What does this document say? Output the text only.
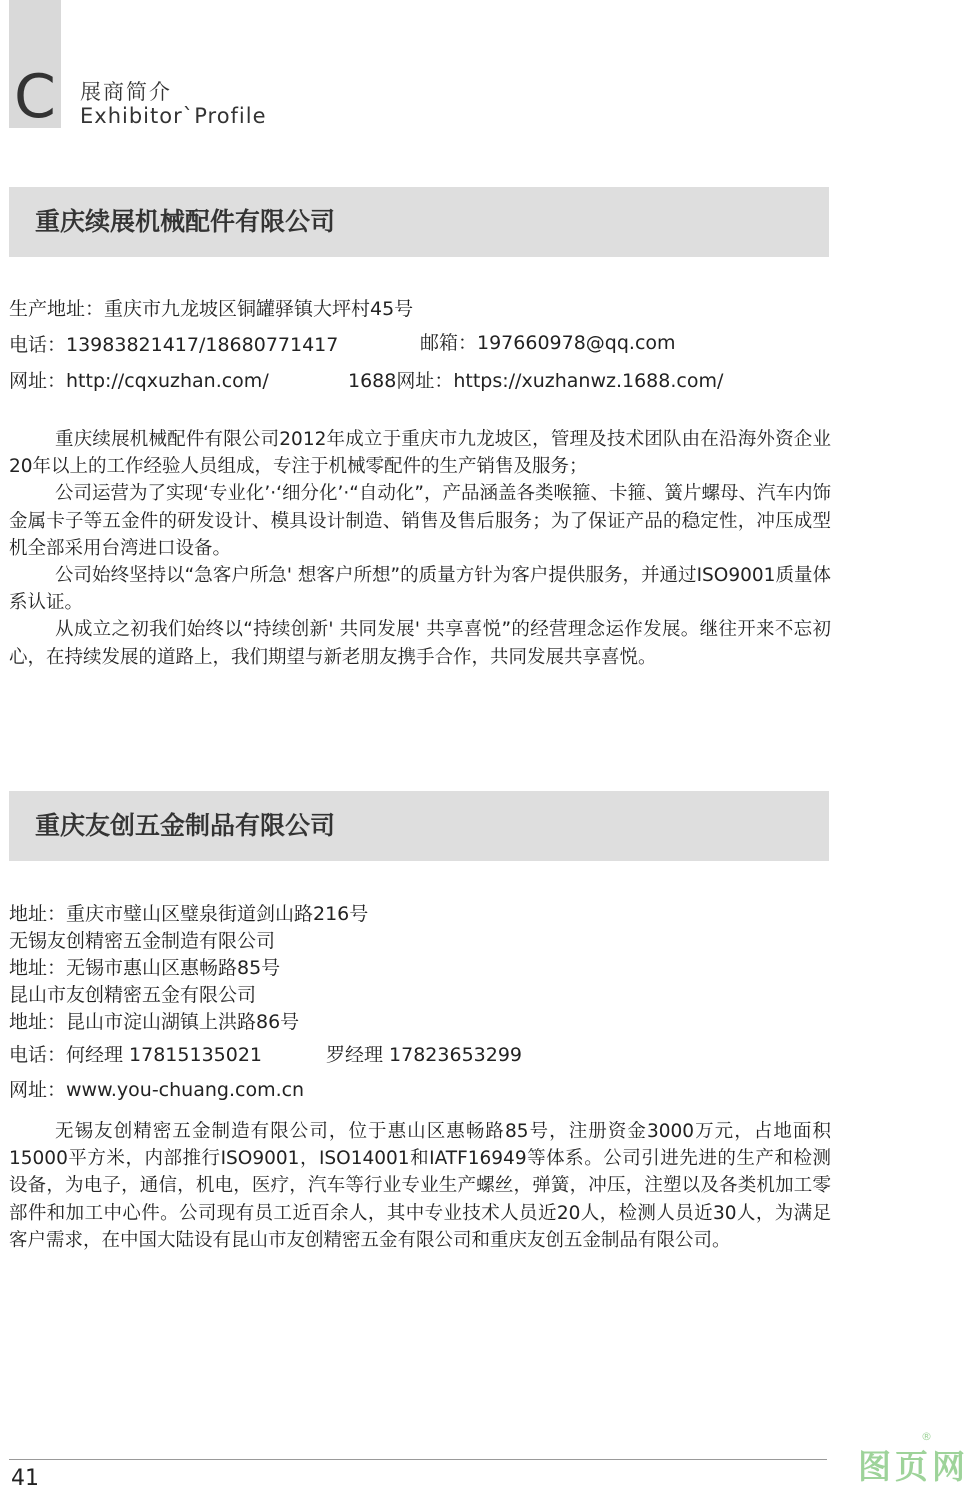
C 展商简介
Exhibitor`Profile
重庆续展机械配件有限公司
生产地址：重庆市九龙坡区铜罐驿镇大坪村45号
电话：13983821417/18680771417	邮箱：197660978@qq.com
网址：http://cqxuzhan.com/	1688网址：https://xuzhanwz.1688.com/

重庆续展机械配件有限公司2012年成立于重庆市九龙坡区，管理及技术团队由在沿海外资企业20年以上的工作经验人员组成，专注于机械零配件的生产销售及服务；

公司运营为了实现‘专业化’·‘细分化’·“自动化”，产品涵盖各类喉箍、卡箍、簧片螺母、汽车内饰金属卡子等五金件的研发设计、模具设计制造、销售及售后服务；为了保证产品的稳定性，冲压成型机全部采用台湾进口设备。

公司始终坚持以“急客户所急' 想客户所想”的质量方针为客户提供服务，并通过ISO9001质量体系认证。

从成立之初我们始终以“持续创新' 共同发展' 共享喜悦”的经营理念运作发展。继往开来不忘初心，在持续发展的道路上，我们期望与新老朋友携手合作，共同发展共享喜悦。

重庆友创五金制品有限公司
地址：重庆市璧山区璧泉街道剑山路216号
无锡友创精密五金制造有限公司
地址：无锡市惠山区惠畅路85号
昆山市友创精密五金有限公司
地址：昆山市淀山湖镇上洪路86号
电话：何经理 17815135021	罗经理 17823653299
网址：www.you-chuang.com.cn

无锡友创精密五金制造有限公司，位于惠山区惠畅路85号，注册资金3000万元，占地面积15000平方米，内部推行ISO9001，ISO14001和IATF16949等体系。公司引进先进的生产和检测设备，为电子，通信，机电，医疗，汽车等行业专业生产螺丝，弹簧，冲压，注塑以及各类机加工零部件和加工中心件。公司现有员工近百余人，其中专业技术人员近20人，检测人员近30人，为满足客户需求，在中国大陆设有昆山市友创精密五金有限公司和重庆友创五金制品有限公司。

41	图页网
®
